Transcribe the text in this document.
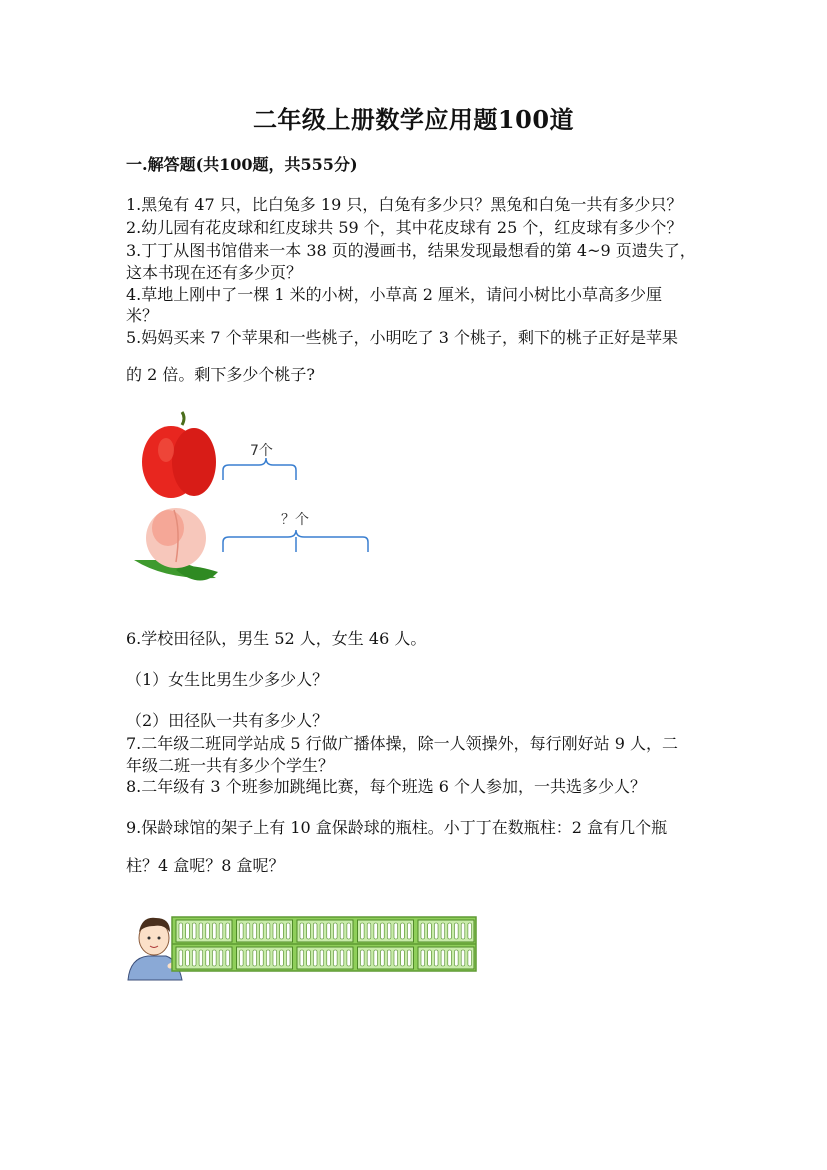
二年级上册数学应用题100道
一.解答题(共100题，共555分)
1.黑兔有 47 只，比白兔多 19 只，白兔有多少只？黑兔和白兔一共有多少只？
2.幼儿园有花皮球和红皮球共 59 个，其中花皮球有 25 个，红皮球有多少个？
3.丁丁从图书馆借来一本 38 页的漫画书，结果发现最想看的第 4~9 页遗失了，
这本书现在还有多少页？
4.草地上刚中了一棵 1 米的小树，小草高 2 厘米，请问小树比小草高多少厘
米？
5.妈妈买来 7 个苹果和一些桃子，小明吃了 3 个桃子，剩下的桃子正好是苹果
的 2 倍。剩下多少个桃子?
7个
？个
6.学校田径队，男生 52 人，女生 46 人。
（1）女生比男生少多少人？
（2）田径队一共有多少人？
7.二年级二班同学站成 5 行做广播体操，除一人领操外，每行刚好站 9 人，二
年级二班一共有多少个学生？
8.二年级有 3 个班参加跳绳比赛，每个班选 6 个人参加，一共选多少人？
9.保龄球馆的架子上有 10 盒保龄球的瓶柱。小丁丁在数瓶柱：2 盒有几个瓶
柱？4 盒呢？8 盒呢？
